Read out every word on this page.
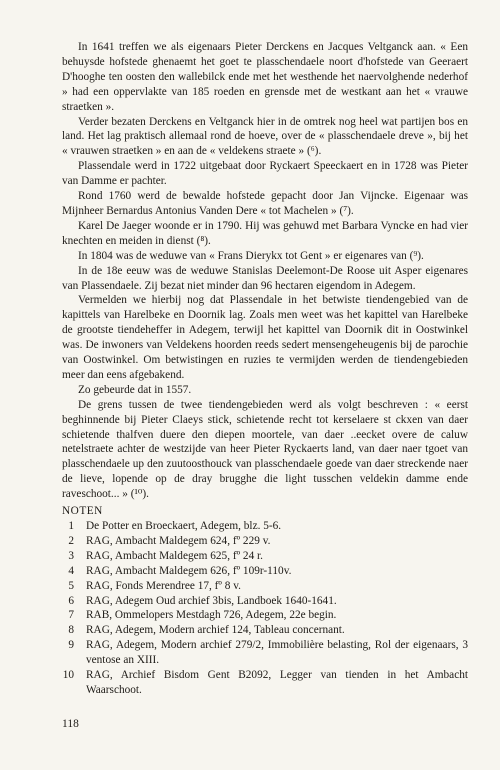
In 1641 treffen we als eigenaars Pieter Derckens en Jacques Veltganck aan. « Een behuysde hofstede ghenaemt het goet te plasschendaele noort d'hofstede van Geeraert D'hooghe ten oosten den wallebilck ende met het westhende het naervolghende nederhof » had een oppervlakte van 185 roeden en grensde met de westkant aan het « vrauwe straetken ».

Verder bezaten Derckens en Veltganck hier in de omtrek nog heel wat partijen bos en land. Het lag praktisch allemaal rond de hoeve, over de « plasschendaele dreve », bij het « vrauwen straetken » en aan de « veldekens straete » (⁶).

Plassendale werd in 1722 uitgebaat door Ryckaert Speeckaert en in 1728 was Pieter van Damme er pachter.

Rond 1760 werd de bewalde hofstede gepacht door Jan Vijncke. Eigenaar was Mijnheer Bernardus Antonius Vanden Dere « tot Machelen » (⁷).

Karel De Jaeger woonde er in 1790. Hij was gehuwd met Barbara Vyncke en had vier knechten en meiden in dienst (⁸).

In 1804 was de weduwe van « Frans Dierykx tot Gent » er eigenares van (⁹).

In de 18e eeuw was de weduwe Stanislas Deelemont-De Roose uit Asper eigenares van Plassendaele. Zij bezat niet minder dan 96 hectaren eigendom in Adegem.

Vermelden we hierbij nog dat Plassendale in het betwiste tiendengebied van de kapittels van Harelbeke en Doornik lag. Zoals men weet was het kapittel van Harelbeke de grootste tiendeheffer in Adegem, terwijl het kapittel van Doornik dit in Oostwinkel was. De inwoners van Veldekens hoorden reeds sedert mensengeheugenis bij de parochie van Oostwinkel. Om betwistingen en ruzies te vermijden werden de tiendengebieden meer dan eens afgebakend.

Zo gebeurde dat in 1557.

De grens tussen de twee tiendengebieden werd als volgt beschreven : « eerst beghinnende bij Pieter Claeys stick, schietende recht tot kerselaere st ckxen van daer schietende thalfven duere den diepen moortele, van daer ..eecket overe de caluw netelstraete achter de westzijde van heer Pieter Ryckaerts land, van daer naer tgoet van plasschendaele up den zuutoosthouck van plasschendaele goede van daer streckende naer de lieve, lopende op de dray brugghe die light tusschen veldekin damme ende raveschoot... » (¹⁰).

NOTEN
1 De Potter en Broeckaert, Adegem, blz. 5-6.
2 RAG, Ambacht Maldegem 624, fº 229 v.
3 RAG, Ambacht Maldegem 625, fº 24 r.
4 RAG, Ambacht Maldegem 626, fº 109r-110v.
5 RAG, Fonds Merendree 17, fº 8 v.
6 RAG, Adegem Oud archief 3bis, Landboek 1640-1641.
7 RAB, Ommelopers Mestdagh 726, Adegem, 22e begin.
8 RAG, Adegem, Modern archief 124, Tableau concernant.
9 RAG, Adegem, Modern archief 279/2, Immobilière belasting, Rol der eigenaars, 3 ventose an XIII.
10 RAG, Archief Bisdom Gent B2092, Legger van tienden in het Ambacht Waarschoot.
118
